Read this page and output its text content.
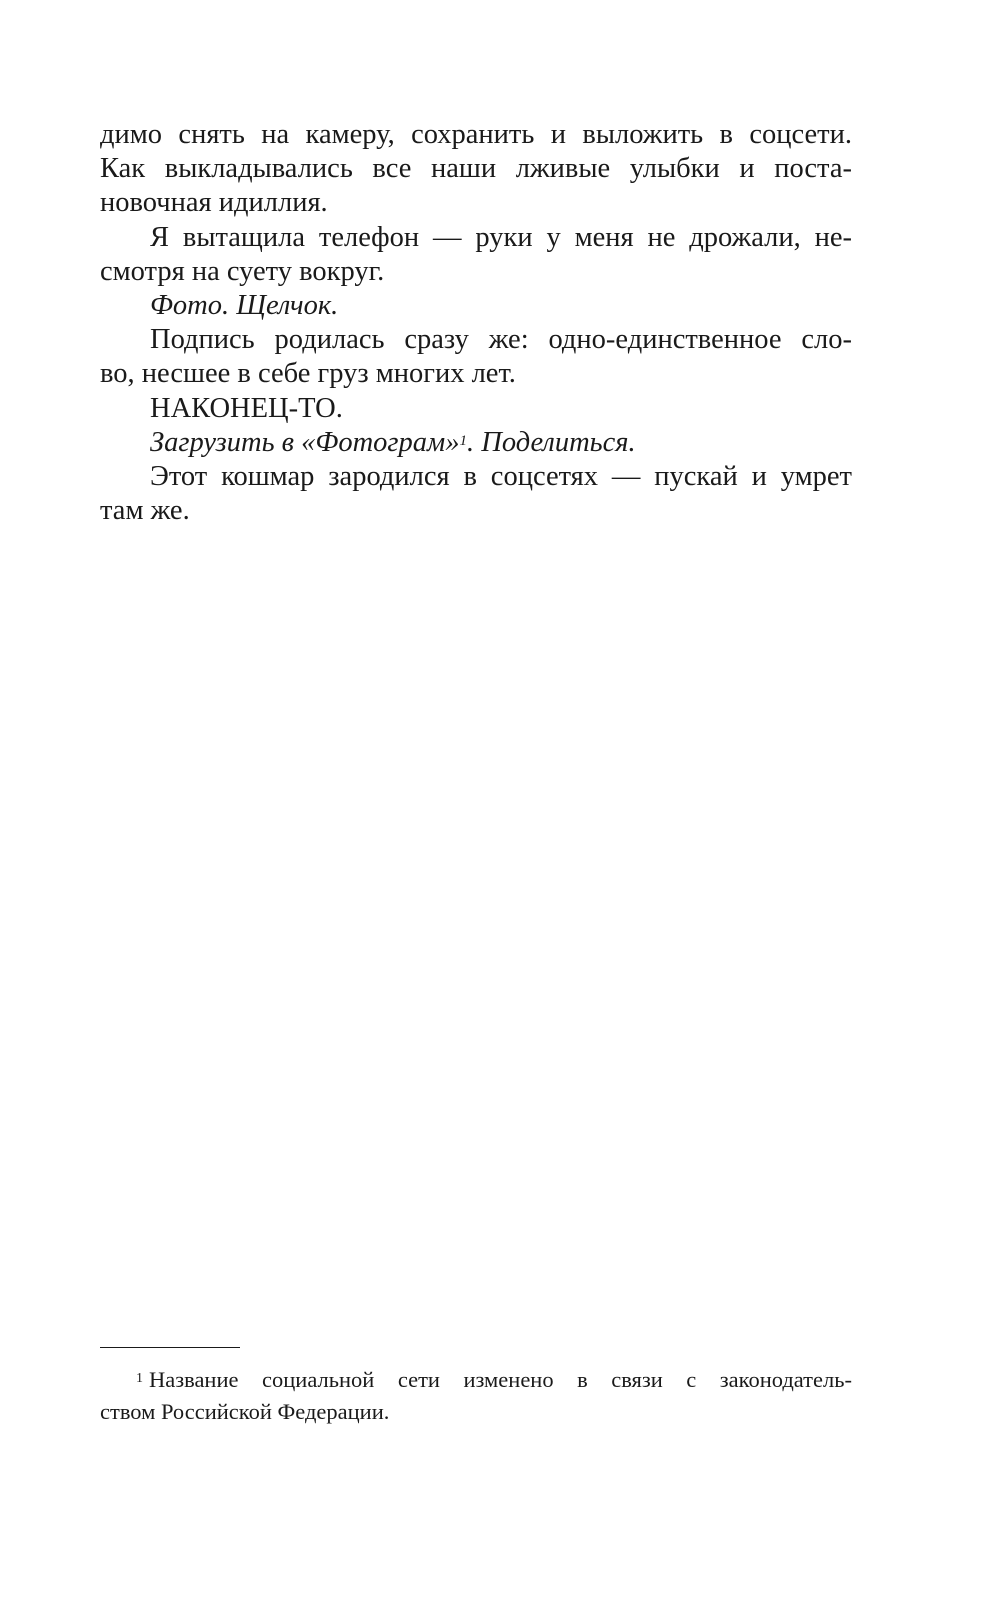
димо снять на камеру, сохранить и выложить в соцсети.
Как выкладывались все наши лживые улыбки и поста-
новочная идиллия.
Я вытащила телефон — руки у меня не дрожали, не-
смотря на суету вокруг.
Фото. Щелчок.
Подпись родилась сразу же: одно-единственное сло-
во, несшее в себе груз многих лет.
НАКОНЕЦ-ТО.
Загрузить в «Фотограм»$^1$. Поделиться.
Этот кошмар зародился в соцсетях — пускай и умрет
там же.
$^1$ Название социальной сети изменено в связи с законодатель-
ством Российской Федерации.
